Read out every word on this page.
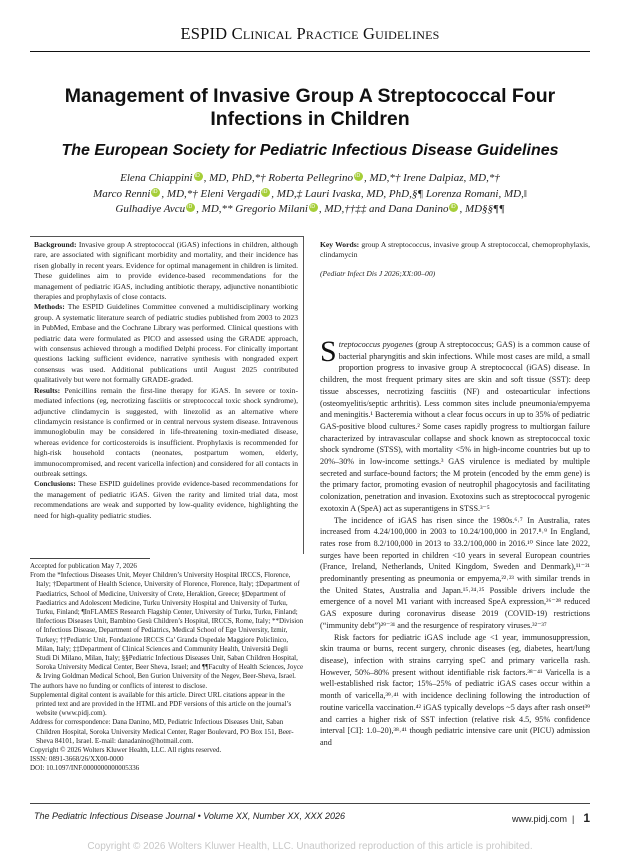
ESPID Clinical Practice Guidelines
Management of Invasive Group A Streptococcal Four Infections in Children
The European Society for Pediatric Infectious Disease Guidelines
Elena Chiappini iD , MD, PhD,*† Roberta Pellegrino iD , MD,*† Irene Dalpiaz, MD,*†
Marco Renni iD , MD,*† Eleni Vergadi iD , MD,‡ Lauri Ivaska, MD, PhD,§¶ Lorenza Romani, MD,‖
Gulhadiye Avcu iD , MD,** Gregorio Milani iD , MD,††‡‡ and Dana Danino iD , MD§§¶¶

Background: Invasive group A streptococcal (iGAS) infections in children, although rare, are associated with significant morbidity and mortality, and their incidence has risen globally in recent years. Evidence for optimal management in children is limited. These guidelines aim to provide evidence-based recommendations for the management of pediatric iGAS, including antibiotic therapy, adjunctive nonantibiotic therapies and prophylaxis of close contacts.

Methods: The ESPID Guidelines Committee convened a multidisciplinary working group. A systematic literature search of pediatric studies published from 2003 to 2023 in PubMed, Embase and the Cochrane Library was performed. Clinical questions with pediatric data were formulated as PICO and assessed using the GRADE approach, with consensus achieved through a modified Delphi process. For clinically important questions lacking sufficient evidence, narrative synthesis with nongraded expert consensus was used. Additional publications until August 2025 contributed qualitatively but were not formally GRADE-graded.

Results: Penicillins remain the first-line therapy for iGAS. In severe or toxin-mediated infections (eg, necrotizing fasciitis or streptococcal toxic shock syndrome), adjunctive clindamycin is suggested, with linezolid as an alternative where clindamycin resistance is confirmed or in central nervous system disease. Intravenous immunoglobulin may be considered in life-threatening toxin-mediated disease, whereas evidence for corticosteroids is insufficient. Prophylaxis is recommended for high-risk household contacts (neonates, postpartum women, elderly, immunocompromised, and recent varicella infection) and considered for all contacts in outbreak settings.

Conclusions: These ESPID guidelines provide evidence-based recommendations for the management of pediatric iGAS. Given the rarity and limited trial data, most recommendations are weak and supported by low-quality evidence, highlighting the need for high-quality pediatric studies.

Key Words: group A streptococcus, invasive group A streptococcal, chemoprophylaxis, clindamycin

(Pediatr Infect Dis J 2026;XX:00–00)

Accepted for publication May 7, 2026

From the *Infectious Diseases Unit, Meyer Children’s University Hospital IRCCS, Florence, Italy; †Department of Health Science, University of Florence, Florence, Italy; ‡Department of Paediatrics, School of Medicine, University of Crete, Heraklion, Greece; §Department of Paediatrics and Adolescent Medicine, Turku University Hospital and University of Turku, Turku, Finland; ¶InFLAMES Research Flagship Center, University of Turku, Turku, Finland; ‖Infectious Diseases Unit, Bambino Gesù Children’s Hospital, IRCCS, Rome, Italy; **Division of Infectious Disease, Department of Pediatrics, Medical School of Ege University, Izmir, Turkey; ††Pediatric Unit, Fondazione IRCCS Ca’ Granda Ospedale Maggiore Policlinico, Milan, Italy; ‡‡Department of Clinical Sciences and Community Health, Università Degli Studi Di Milano, Milan, Italy; §§Pediatric Infectious Diseases Unit, Saban Children Hospital, Soroka University Medical Center, Beer Sheva, Israel; and ¶¶Faculty of Health Sciences, Joyce & Irving Goldman Medical School, Ben Gurion University of the Negev, Beer-Sheva, Israel.

The authors have no funding or conflicts of interest to disclose.

Supplemental digital content is available for this article. Direct URL citations appear in the printed text and are provided in the HTML and PDF versions of this article on the journal’s website (www.pidj.com).

Address for correspondence: Dana Danino, MD, Pediatric Infectious Diseases Unit, Saban Children Hospital, Soroka University Medical Center, Rager Boulevard, PO Box 151, Beer-Sheva 84101, Israel. E-mail: danadanino@hotmail.com.

Copyright © 2026 Wolters Kluwer Health, LLC. All rights reserved.

ISSN: 0891-3668/26/XX00-0000

DOI: 10.1097/INF.0000000000005336

Streptococcus pyogenes (group A streptococcus; GAS) is a common cause of bacterial pharyngitis and skin infections. While most cases are mild, a small proportion progress to invasive group A streptococcal (iGAS) disease. In children, the most frequent primary sites are skin and soft tissue (SST): deep tissue abscesses, necrotizing fasciitis (NF) and osteoarticular infections (osteomyelitis/septic arthritis). Less common sites include pneumonia/empyema and meningitis.¹ Bacteremia without a clear focus occurs in up to 35% of pediatric GAS-positive blood cultures.² Some cases rapidly progress to multiorgan failure characterized by intravascular collapse and shock known as streptococcal toxic shock syndrome (STSS), with mortality <5% in high-income countries but up to 20%–30% in low-income settings.³ GAS virulence is mediated by multiple secreted and surface-bound factors; the M protein (encoded by the emm gene) is the primary factor, promoting evasion of neutrophil phagocytosis and facilitating colonization, penetration and invasion. Exotoxins such as streptococcal pyrogenic exotoxin A (SpeA) act as superantigens in STSS.³⁻⁵

The incidence of iGAS has risen since the 1980s.⁶˒⁷ In Australia, rates increased from 4.24/100,000 in 2003 to 10.24/100,000 in 2017.⁸˒⁹ In England, rates rose from 8.2/100,000 in 2013 to 33.2/100,000 in 2016.¹⁰ Since late 2022, surges have been reported in children <10 years in several European countries (France, Ireland, Netherlands, United Kingdom, Sweden and Denmark),¹¹⁻²¹ predominantly presenting as pneumonia or empyema,²²˒²³ with similar trends in the United States, Australia and Japan.¹⁵˒²⁴˒²⁵ Possible drivers include the emergence of a novel M1 variant with increased SpeA expression,²⁶⁻²⁸ reduced GAS exposure during coronavirus disease 2019 (COVID-19) restrictions (“immunity debt”)²⁹⁻³¹ and the resurgence of respiratory viruses.³²⁻³⁷

Risk factors for pediatric iGAS include age <1 year, immunosuppression, skin trauma or burns, recent surgery, chronic diseases (eg, diabetes, heart/lung disease), infection with strains carrying speC and primary varicella rash. However, 50%–80% present without identifiable risk factors.³⁸⁻⁴¹ Varicella is a well-established risk factor; 15%–25% of pediatric iGAS cases occur within a month of varicella,³⁹˒⁴¹ with incidence declining following the introduction of routine varicella vaccination.⁴² iGAS typically develops ~5 days after rash onset³⁹ and carries a higher risk of SST infection (relative risk 4.5, 95% confidence interval [CI]: 1.0–20),³⁸˒⁴¹ though pediatric intensive care unit (PICU) admission and

The Pediatric Infectious Disease Journal • Volume XX, Number XX, XXX 2026	www.pidj.com | 1
Copyright © 2026 Wolters Kluwer Health, LLC. Unauthorized reproduction of this article is prohibited.
